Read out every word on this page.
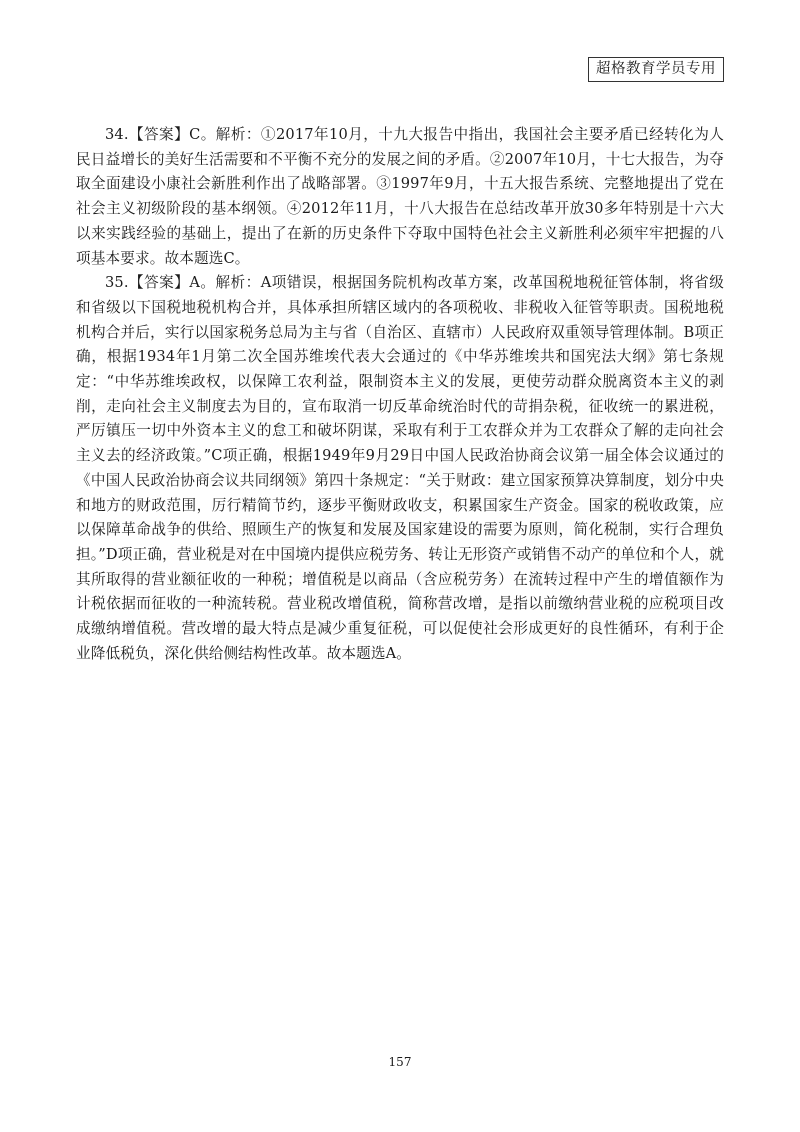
超格教育学员专用

34.【答案】C。解析：①2017年10月，十九大报告中指出，我国社会主要矛盾已经转化为人民日益增长的美好生活需要和不平衡不充分的发展之间的矛盾。②2007年10月，十七大报告，为夺取全面建设小康社会新胜利作出了战略部署。③1997年9月，十五大报告系统、完整地提出了党在社会主义初级阶段的基本纲领。④2012年11月，十八大报告在总结改革开放30多年特别是十六大以来实践经验的基础上，提出了在新的历史条件下夺取中国特色社会主义新胜利必须牢牢把握的八项基本要求。故本题选C。

35.【答案】A。解析：A项错误，根据国务院机构改革方案，改革国税地税征管体制，将省级和省级以下国税地税机构合并，具体承担所辖区域内的各项税收、非税收入征管等职责。国税地税机构合并后，实行以国家税务总局为主与省（自治区、直辖市）人民政府双重领导管理体制。B项正确，根据1934年1月第二次全国苏维埃代表大会通过的《中华苏维埃共和国宪法大纲》第七条规定：“中华苏维埃政权，以保障工农利益，限制资本主义的发展，更使劳动群众脱离资本主义的剥削，走向社会主义制度去为目的，宣布取消一切反革命统治时代的苛捐杂税，征收统一的累进税，严厉镇压一切中外资本主义的怠工和破坏阴谋，采取有利于工农群众并为工农群众了解的走向社会主义去的经济政策。”C项正确，根据1949年9月29日中国人民政治协商会议第一届全体会议通过的《中国人民政治协商会议共同纲领》第四十条规定：“关于财政：建立国家预算决算制度，划分中央和地方的财政范围，厉行精简节约，逐步平衡财政收支，积累国家生产资金。国家的税收政策，应以保障革命战争的供给、照顾生产的恢复和发展及国家建设的需要为原则，简化税制，实行合理负担。”D项正确，营业税是对在中国境内提供应税劳务、转让无形资产或销售不动产的单位和个人，就其所取得的营业额征收的一种税；增值税是以商品（含应税劳务）在流转过程中产生的增值额作为计税依据而征收的一种流转税。营业税改增值税，简称营改增，是指以前缴纳营业税的应税项目改成缴纳增值税。营改增的最大特点是减少重复征税，可以促使社会形成更好的良性循环，有利于企业降低税负，深化供给侧结构性改革。故本题选A。

157
